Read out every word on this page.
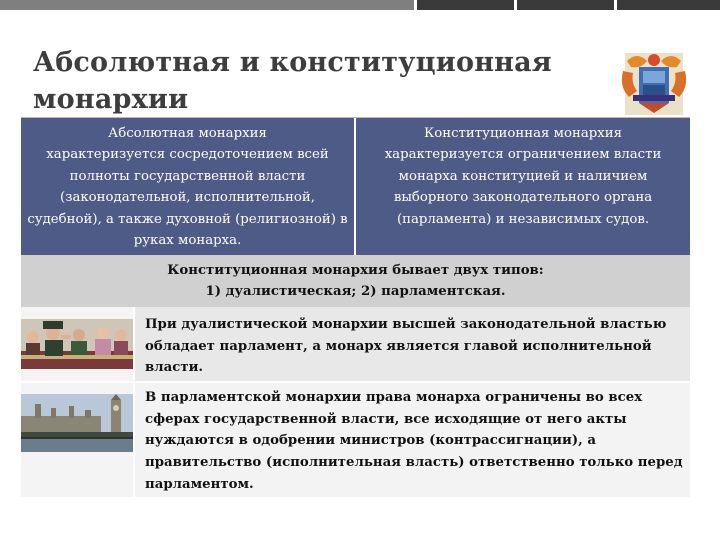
Абсолютная и конституционная монархии
Абсолютная монархия
характеризуется сосредоточением всей полноты государственной власти (законодательной, исполнительной, судебной), а также духовной (религиозной) в руках монарха.
Конституционная монархия
характеризуется ограничением власти монарха конституцией и наличием выборного законодательного органа (парламента) и независимых судов.
Конституционная монархия бывает двух типов:
1) дуалистическая; 2) парламентская.
При дуалистической монархии высшей законодательной властью обладает парламент, а монарх является главой исполнительной власти.
В парламентской монархии права монарха ограничены во всех сферах государственной власти, все исходящие от него акты нуждаются в одобрении министров (контрассигнации), а правительство (исполнительная власть) ответственно только перед парламентом.
